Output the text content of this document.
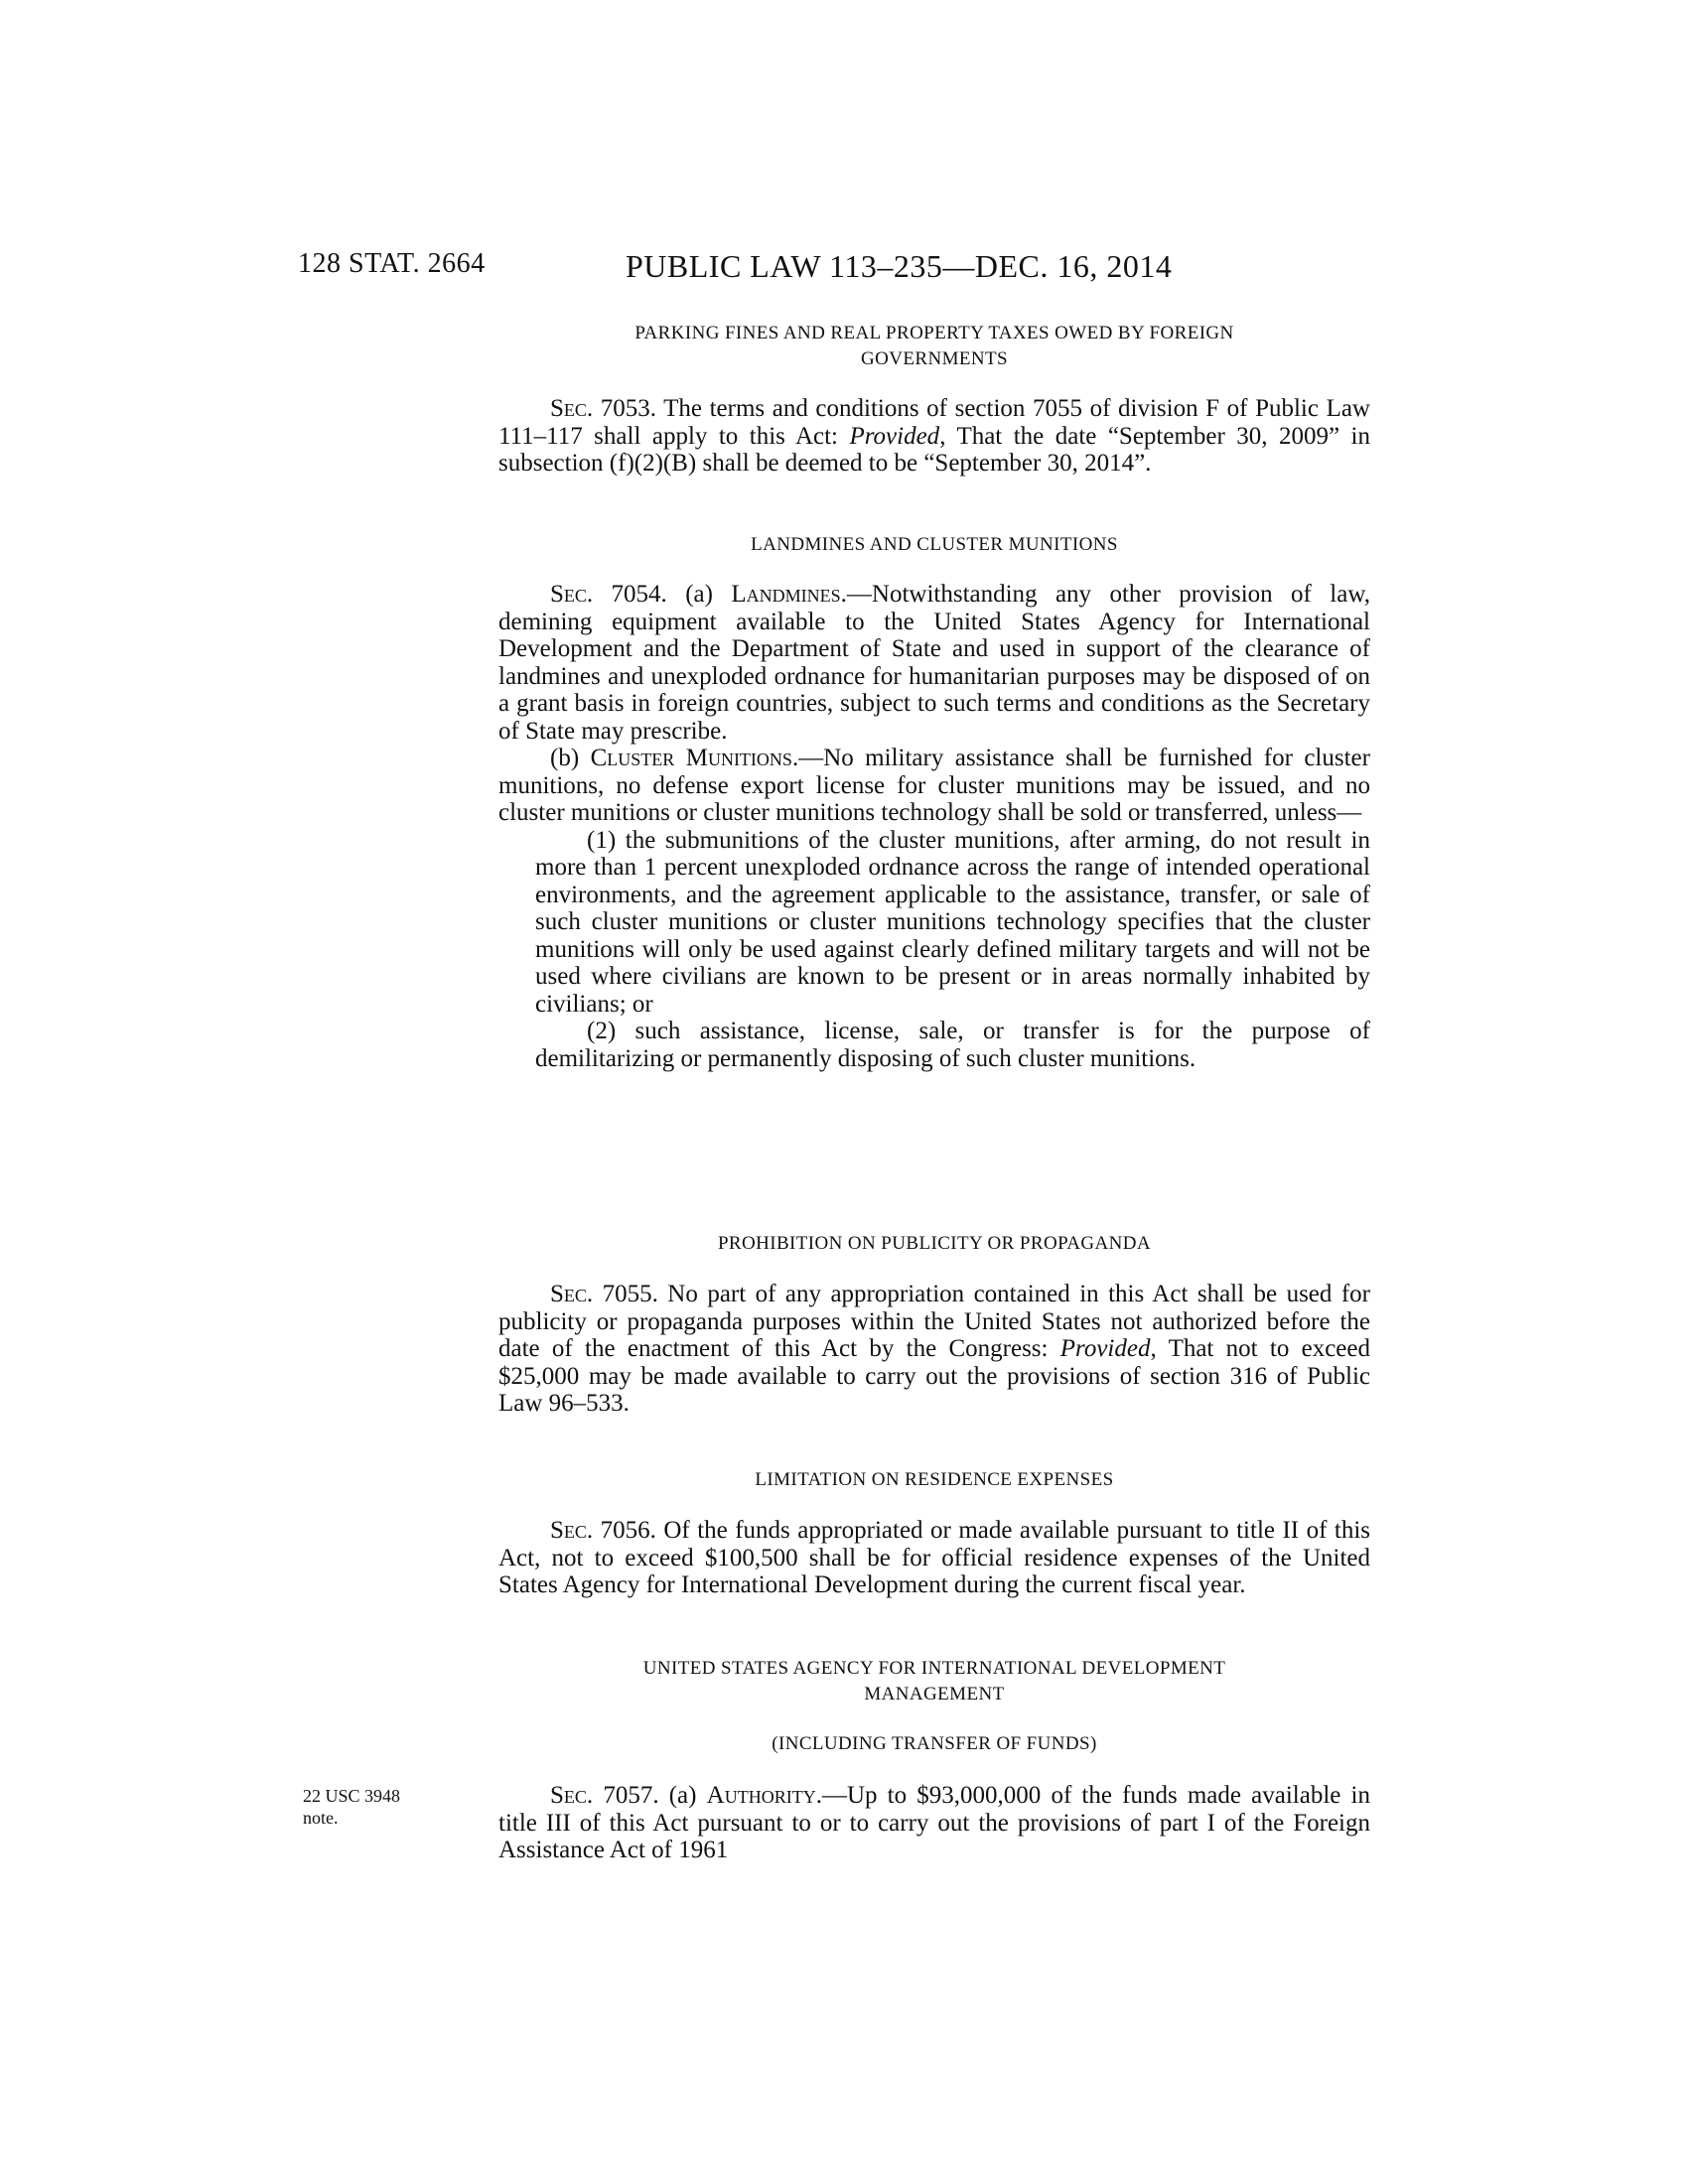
128 STAT. 2664	PUBLIC LAW 113–235—DEC. 16, 2014
PARKING FINES AND REAL PROPERTY TAXES OWED BY FOREIGN
GOVERNMENTS

Sec. 7053. The terms and conditions of section 7055 of division F of Public Law 111–117 shall apply to this Act: Provided, That the date “September 30, 2009” in subsection (f)(2)(B) shall be deemed to be “September 30, 2014”.

LANDMINES AND CLUSTER MUNITIONS

Sec. 7054. (a) Landmines.—Notwithstanding any other provision of law, demining equipment available to the United States Agency for International Development and the Department of State and used in support of the clearance of landmines and unexploded ordnance for humanitarian purposes may be disposed of on a grant basis in foreign countries, subject to such terms and conditions as the Secretary of State may prescribe.

(b) Cluster Munitions.—No military assistance shall be furnished for cluster munitions, no defense export license for cluster munitions may be issued, and no cluster munitions or cluster munitions technology shall be sold or transferred, unless—

(1) the submunitions of the cluster munitions, after arming, do not result in more than 1 percent unexploded ordnance across the range of intended operational environments, and the agreement applicable to the assistance, transfer, or sale of such cluster munitions or cluster munitions technology specifies that the cluster munitions will only be used against clearly defined military targets and will not be used where civilians are known to be present or in areas normally inhabited by civilians; or

(2) such assistance, license, sale, or transfer is for the purpose of demilitarizing or permanently disposing of such cluster munitions.

PROHIBITION ON PUBLICITY OR PROPAGANDA

Sec. 7055. No part of any appropriation contained in this Act shall be used for publicity or propaganda purposes within the United States not authorized before the date of the enactment of this Act by the Congress: Provided, That not to exceed $25,000 may be made available to carry out the provisions of section 316 of Public Law 96–533.

LIMITATION ON RESIDENCE EXPENSES

Sec. 7056. Of the funds appropriated or made available pursuant to title II of this Act, not to exceed $100,500 shall be for official residence expenses of the United States Agency for International Development during the current fiscal year.

UNITED STATES AGENCY FOR INTERNATIONAL DEVELOPMENT
MANAGEMENT
(INCLUDING TRANSFER OF FUNDS)
22 USC 3948
note.

Sec. 7057. (a) Authority.—Up to $93,000,000 of the funds made available in title III of this Act pursuant to or to carry out the provisions of part I of the Foreign Assistance Act of 1961
